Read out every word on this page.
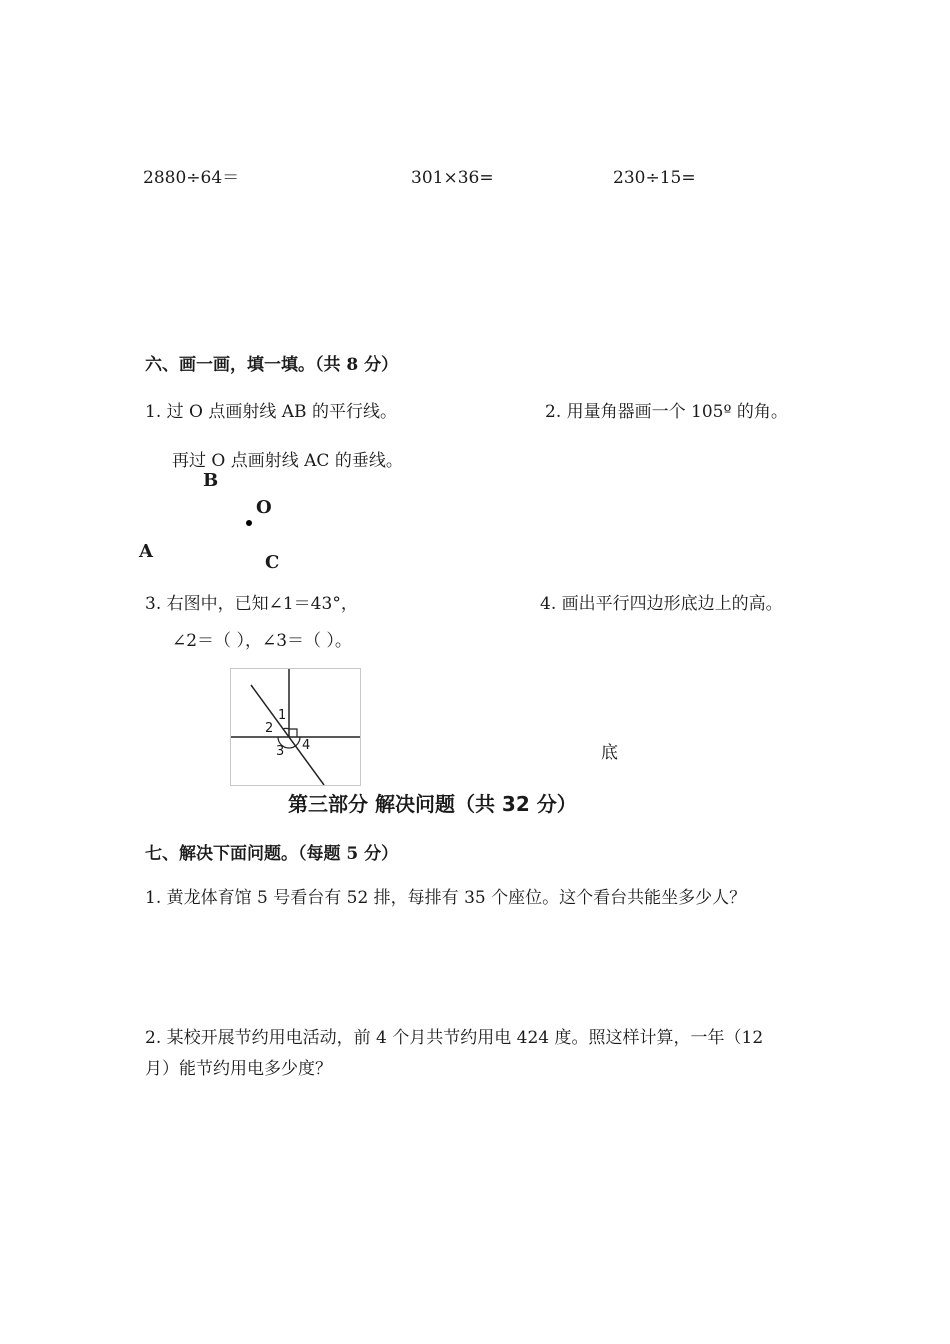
2880÷64＝	301×36=	230÷15=
六、画一画，填一填。（共 8 分）
1. 过 O 点画射线 AB 的平行线。	2. 用量角器画一个 105º 的角。
再过 O 点画射线 AC 的垂线。
B
O
A
C
3. 右图中，已知∠1＝43°，	4. 画出平行四边形底边上的高。
∠2＝（ ），∠3＝（ ）。
1
2
3 4	底
第三部分 解决问题（共 32 分）
七、解决下面问题。（每题 5 分）
1. 黄龙体育馆 5 号看台有 52 排，每排有 35 个座位。这个看台共能坐多少人？
2. 某校开展节约用电活动，前 4 个月共节约用电 424 度。照这样计算，一年（12
月）能节约用电多少度？
